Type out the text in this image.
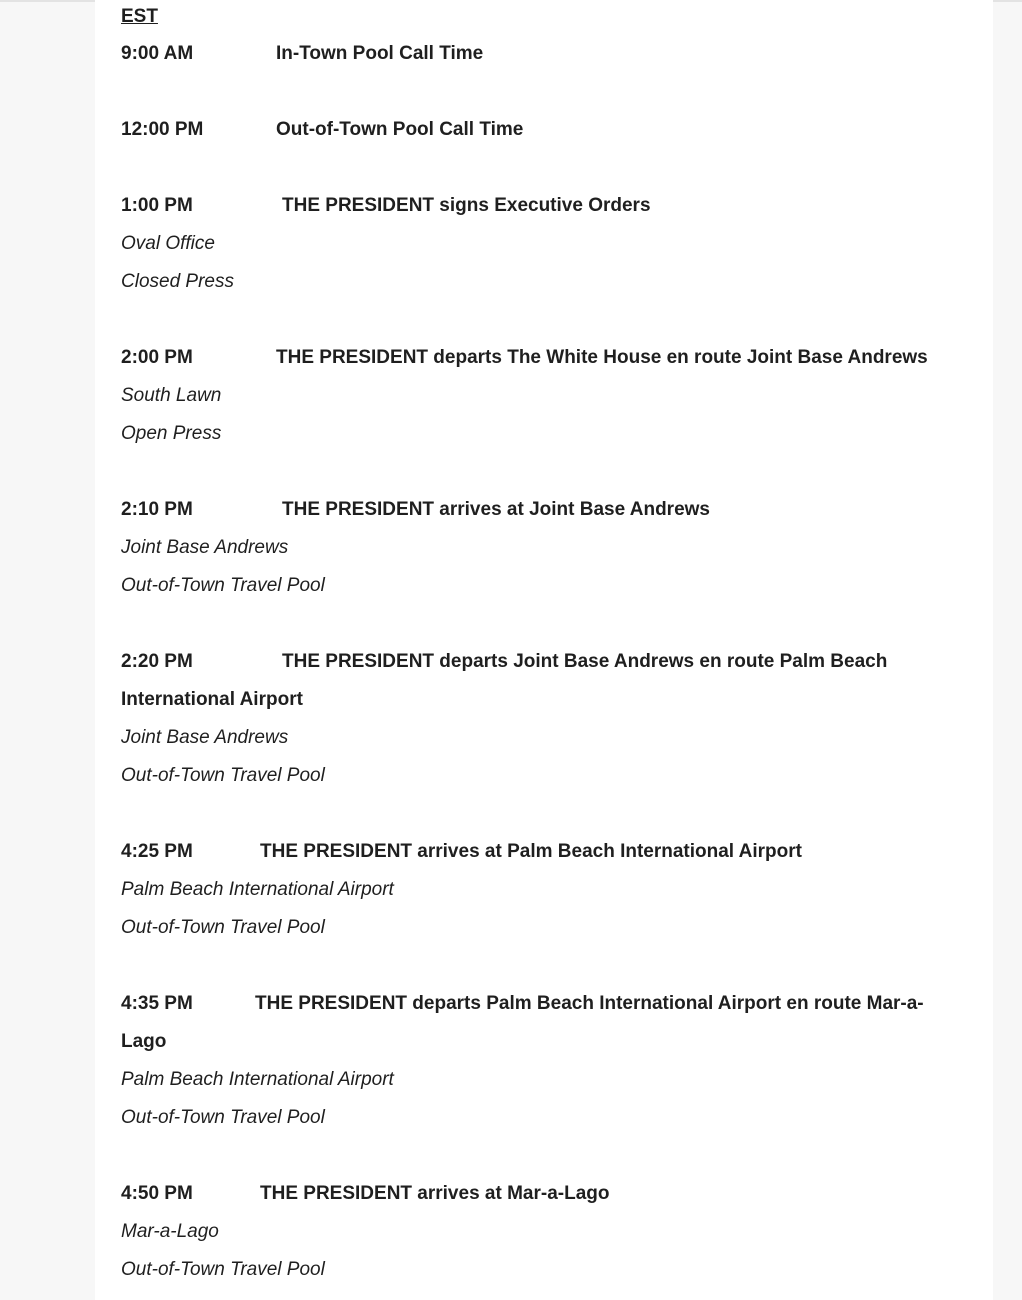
EST

9:00 AM	In-Town Pool Call Time

12:00 PM	Out-of-Town Pool Call Time

1:00 PM	THE PRESIDENT signs Executive Orders

Oval Office

Closed Press

2:00 PM	THE PRESIDENT departs The White House en route Joint Base Andrews

South Lawn

Open Press

2:10 PM	THE PRESIDENT arrives at Joint Base Andrews

Joint Base Andrews

Out-of-Town Travel Pool

2:20 PM	THE PRESIDENT departs Joint Base Andrews en route Palm Beach

International Airport

Joint Base Andrews

Out-of-Town Travel Pool

4:25 PM	THE PRESIDENT arrives at Palm Beach International Airport

Palm Beach International Airport

Out-of-Town Travel Pool

4:35 PM	THE PRESIDENT departs Palm Beach International Airport en route Mar-a-

Lago

Palm Beach International Airport

Out-of-Town Travel Pool

4:50 PM	THE PRESIDENT arrives at Mar-a-Lago

Mar-a-Lago

Out-of-Town Travel Pool
